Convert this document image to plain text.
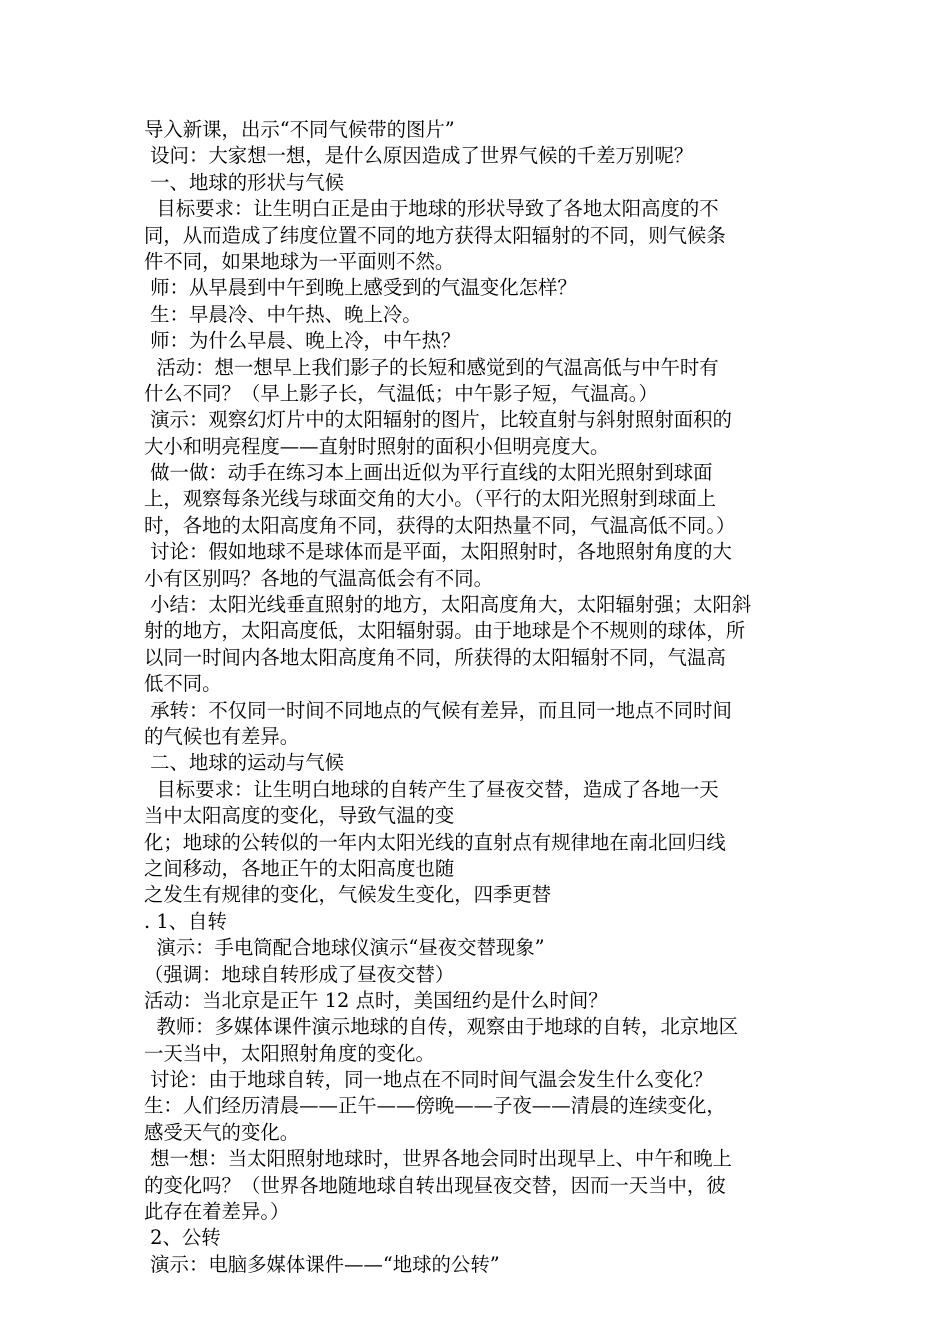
导入新课，出示“不同气候带的图片”
设问：大家想一想，是什么原因造成了世界气候的千差万别呢？
一、地球的形状与气候
目标要求：让生明白正是由于地球的形状导致了各地太阳高度的不
同，从而造成了纬度位置不同的地方获得太阳辐射的不同，则气候条
件不同，如果地球为一平面则不然。
师：从早晨到中午到晚上感受到的气温变化怎样？
生：早晨冷、中午热、晚上冷。
师：为什么早晨、晚上冷，中午热？
活动：想一想早上我们影子的长短和感觉到的气温高低与中午时有
什么不同？（早上影子长，气温低；中午影子短，气温高。）
演示：观察幻灯片中的太阳辐射的图片，比较直射与斜射照射面积的
大小和明亮程度——直射时照射的面积小但明亮度大。
做一做：动手在练习本上画出近似为平行直线的太阳光照射到球面
上，观察每条光线与球面交角的大小。（平行的太阳光照射到球面上
时，各地的太阳高度角不同，获得的太阳热量不同，气温高低不同。）
讨论：假如地球不是球体而是平面，太阳照射时，各地照射角度的大
小有区别吗？各地的气温高低会有不同。
小结：太阳光线垂直照射的地方，太阳高度角大，太阳辐射强；太阳斜
射的地方，太阳高度低，太阳辐射弱。由于地球是个不规则的球体，所
以同一时间内各地太阳高度角不同，所获得的太阳辐射不同，气温高
低不同。
承转：不仅同一时间不同地点的气候有差异，而且同一地点不同时间
的气候也有差异。
二、地球的运动与气候
目标要求：让生明白地球的自转产生了昼夜交替，造成了各地一天
当中太阳高度的变化，导致气温的变
化；地球的公转似的一年内太阳光线的直射点有规律地在南北回归线
之间移动，各地正午的太阳高度也随
之发生有规律的变化，气候发生变化，四季更替
. 1、自转
演示：手电筒配合地球仪演示“昼夜交替现象”
（强调：地球自转形成了昼夜交替）
活动：当北京是正午 12 点时，美国纽约是什么时间？
教师：多媒体课件演示地球的自传，观察由于地球的自转，北京地区
一天当中，太阳照射角度的变化。
讨论：由于地球自转，同一地点在不同时间气温会发生什么变化？
生：人们经历清晨——正午——傍晚——子夜——清晨的连续变化，
感受天气的变化。
想一想：当太阳照射地球时，世界各地会同时出现早上、中午和晚上
的变化吗？（世界各地随地球自转出现昼夜交替，因而一天当中，彼
此存在着差异。）
2、公转
演示：电脑多媒体课件——“地球的公转”
